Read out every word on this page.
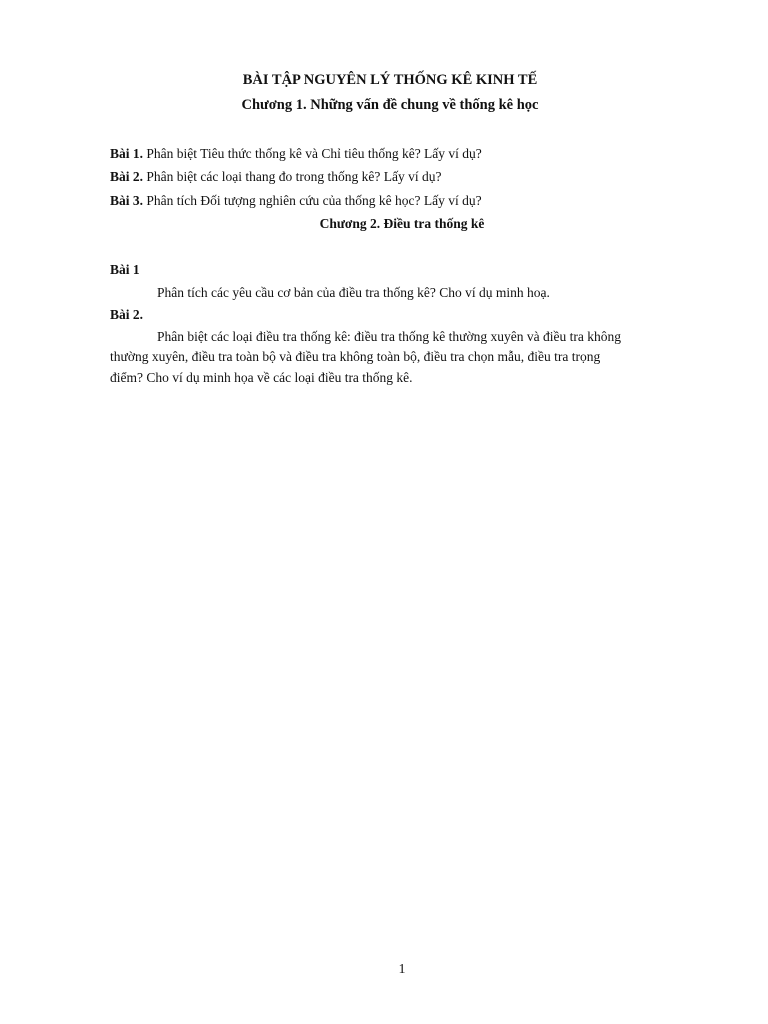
BÀI TẬP NGUYÊN LÝ THỐNG KÊ KINH TẾ
Chương 1. Những vấn đề chung về thống kê học
Bài 1. Phân biệt Tiêu thức thống kê và Chỉ tiêu thống kê? Lấy ví dụ?
Bài 2. Phân biệt các loại thang đo trong thống kê? Lấy ví dụ?
Bài 3. Phân tích Đối tượng nghiên cứu của thống kê học? Lấy ví dụ?
Chương 2. Điều tra thống kê
Bài 1
Phân tích các yêu cầu cơ bản của điều tra thống kê? Cho ví dụ minh hoạ.
Bài 2.
Phân biệt các loại điều tra thống kê: điều tra thống kê thường xuyên và điều tra không
thường xuyên, điều tra toàn bộ và điều tra không toàn bộ, điều tra chọn mẫu, điều tra trọng
điểm? Cho ví dụ minh họa về các loại điều tra thống kê.
1
